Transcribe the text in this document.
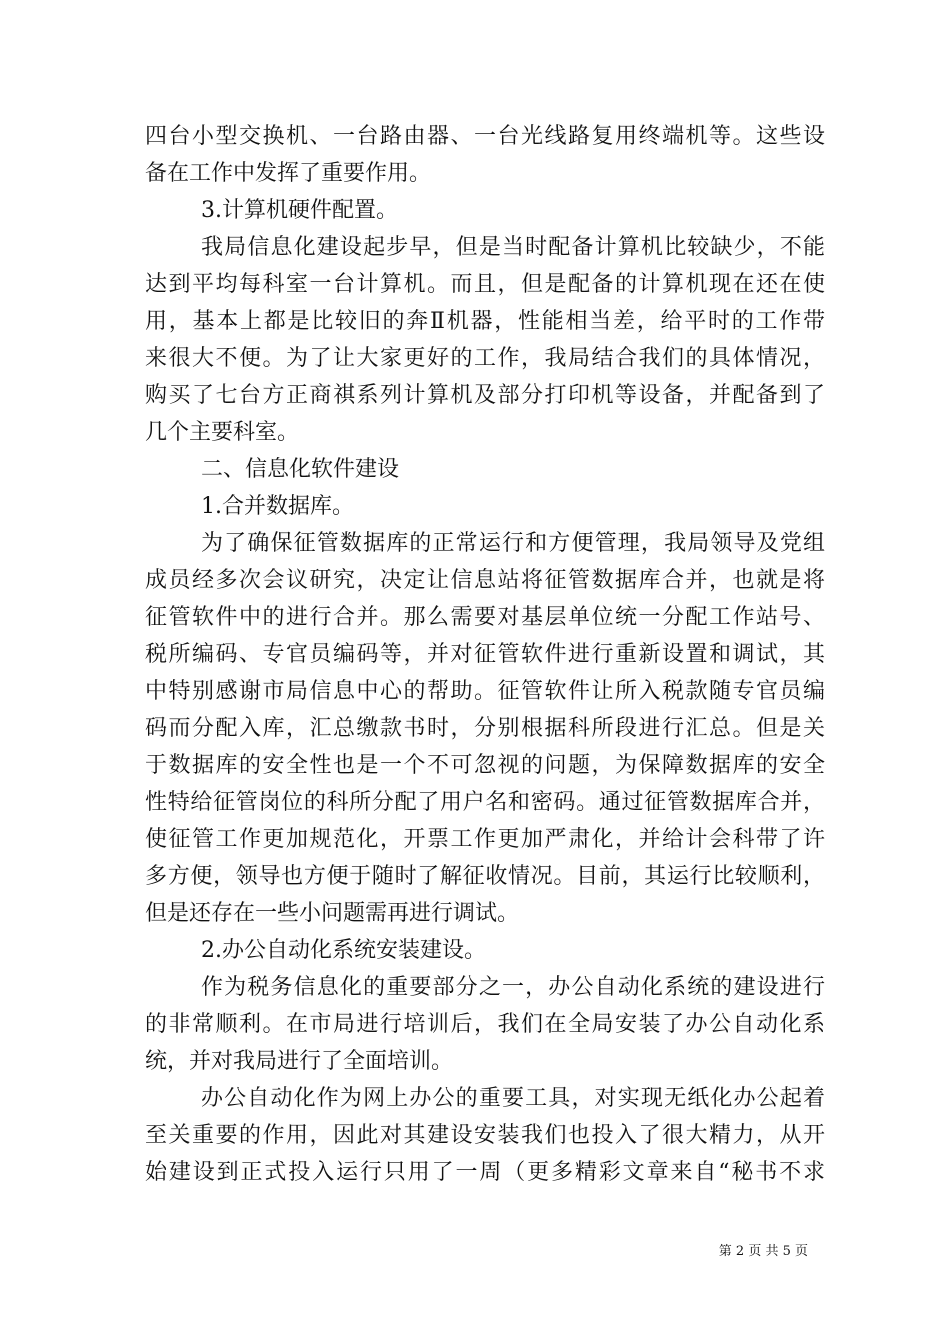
四台小型交换机、一台路由器、一台光线路复用终端机等。这些设
备在工作中发挥了重要作用。
3.计算机硬件配置。
我局信息化建设起步早，但是当时配备计算机比较缺少，不能
达到平均每科室一台计算机。而且，但是配备的计算机现在还在使
用，基本上都是比较旧的奔Ⅱ机器，性能相当差，给平时的工作带
来很大不便。为了让大家更好的工作，我局结合我们的具体情况，
购买了七台方正商祺系列计算机及部分打印机等设备，并配备到了
几个主要科室。
二、信息化软件建设
1.合并数据库。
为了确保征管数据库的正常运行和方便管理，我局领导及党组
成员经多次会议研究，决定让信息站将征管数据库合并，也就是将
征管软件中的进行合并。那么需要对基层单位统一分配工作站号、
税所编码、专官员编码等，并对征管软件进行重新设置和调试，其
中特别感谢市局信息中心的帮助。征管软件让所入税款随专官员编
码而分配入库，汇总缴款书时，分别根据科所段进行汇总。但是关
于数据库的安全性也是一个不可忽视的问题，为保障数据库的安全
性特给征管岗位的科所分配了用户名和密码。通过征管数据库合并，
使征管工作更加规范化，开票工作更加严肃化，并给计会科带了许
多方便，领导也方便于随时了解征收情况。目前，其运行比较顺利，
但是还存在一些小问题需再进行调试。
2.办公自动化系统安装建设。
作为税务信息化的重要部分之一，办公自动化系统的建设进行
的非常顺利。在市局进行培训后，我们在全局安装了办公自动化系
统，并对我局进行了全面培训。
办公自动化作为网上办公的重要工具，对实现无纸化办公起着
至关重要的作用，因此对其建设安装我们也投入了很大精力，从开
始建设到正式投入运行只用了一周（更多精彩文章来自“秘书不求
第 2 页 共 5 页
